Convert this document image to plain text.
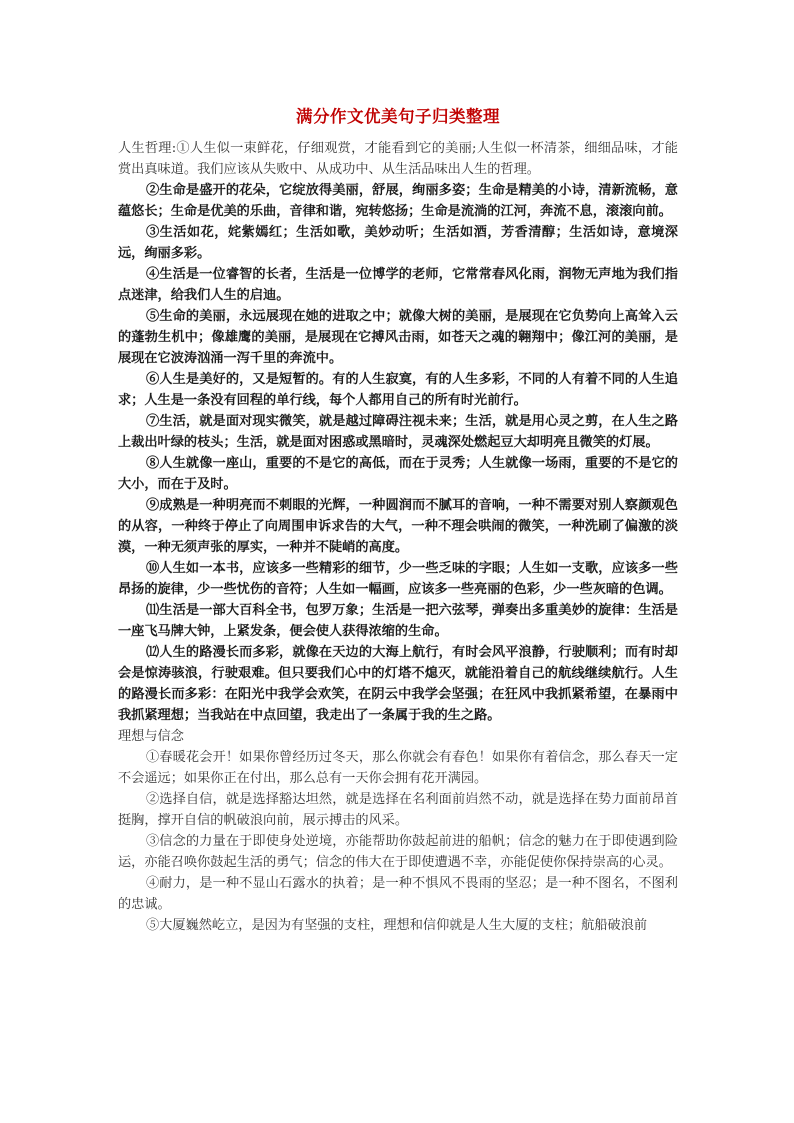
满分作文优美句子归类整理

人生哲理:①人生似一束鲜花，仔细观赏，才能看到它的美丽;人生似一杯清茶，细细品味，才能赏出真味道。我们应该从失败中、从成功中、从生活品味出人生的哲理。

②生命是盛开的花朵，它绽放得美丽，舒展，绚丽多姿；生命是精美的小诗，清新流畅，意蕴悠长；生命是优美的乐曲，音律和谐，宛转悠扬；生命是流淌的江河，奔流不息，滚滚向前。

③生活如花，姹紫嫣红；生活如歌，美妙动听；生活如酒，芳香清醇；生活如诗，意境深远，绚丽多彩。

④生活是一位睿智的长者，生活是一位博学的老师，它常常春风化雨，润物无声地为我们指点迷津，给我们人生的启迪。

⑤生命的美丽，永远展现在她的进取之中；就像大树的美丽，是展现在它负势向上高耸入云的蓬勃生机中；像雄鹰的美丽，是展现在它搏风击雨，如苍天之魂的翱翔中；像江河的美丽，是展现在它波涛汹涌一泻千里的奔流中。

⑥人生是美好的，又是短暂的。有的人生寂寞，有的人生多彩，不同的人有着不同的人生追求；人生是一条没有回程的单行线，每个人都用自己的所有时光前行。

⑦生活，就是面对现实微笑，就是越过障碍注视未来；生活，就是用心灵之剪，在人生之路上裁出叶绿的枝头；生活，就是面对困惑或黑暗时，灵魂深处燃起豆大却明亮且微笑的灯展。

⑧人生就像一座山，重要的不是它的高低，而在于灵秀；人生就像一场雨，重要的不是它的大小，而在于及时。

⑨成熟是一种明亮而不刺眼的光辉，一种圆润而不腻耳的音响，一种不需要对别人察颜观色的从容，一种终于停止了向周围申诉求告的大气，一种不理会哄闹的微笑，一种洗刷了偏激的淡漠，一种无须声张的厚实，一种并不陡峭的高度。

⑩人生如一本书，应该多一些精彩的细节，少一些乏味的字眼；人生如一支歌，应该多一些昂扬的旋律，少一些忧伤的音符；人生如一幅画，应该多一些亮丽的色彩，少一些灰暗的色调。

⑾生活是一部大百科全书，包罗万象；生活是一把六弦琴，弹奏出多重美妙的旋律：生活是一座飞马牌大钟，上紧发条，便会使人获得浓缩的生命。

⑿人生的路漫长而多彩，就像在天边的大海上航行，有时会风平浪静，行驶顺利；而有时却会是惊涛骇浪，行驶艰难。但只要我们心中的灯塔不熄灭，就能沿着自己的航线继续航行。人生的路漫长而多彩：在阳光中我学会欢笑，在阴云中我学会坚强；在狂风中我抓紧希望，在暴雨中我抓紧理想；当我站在中点回望，我走出了一条属于我的生之路。

理想与信念

①春暖花会开！如果你曾经历过冬天，那么你就会有春色！如果你有着信念，那么春天一定不会遥远；如果你正在付出，那么总有一天你会拥有花开满园。

②选择自信，就是选择豁达坦然，就是选择在名利面前岿然不动，就是选择在势力面前昂首挺胸，撑开自信的帆破浪向前，展示搏击的风采。

③信念的力量在于即使身处逆境，亦能帮助你鼓起前进的船帆；信念的魅力在于即使遇到险运，亦能召唤你鼓起生活的勇气；信念的伟大在于即使遭遇不幸，亦能促使你保持崇高的心灵。

④耐力，是一种不显山石露水的执着；是一种不惧风不畏雨的坚忍；是一种不图名，不图利的忠诚。

⑤大厦巍然屹立，是因为有坚强的支柱，理想和信仰就是人生大厦的支柱；航船破浪前
